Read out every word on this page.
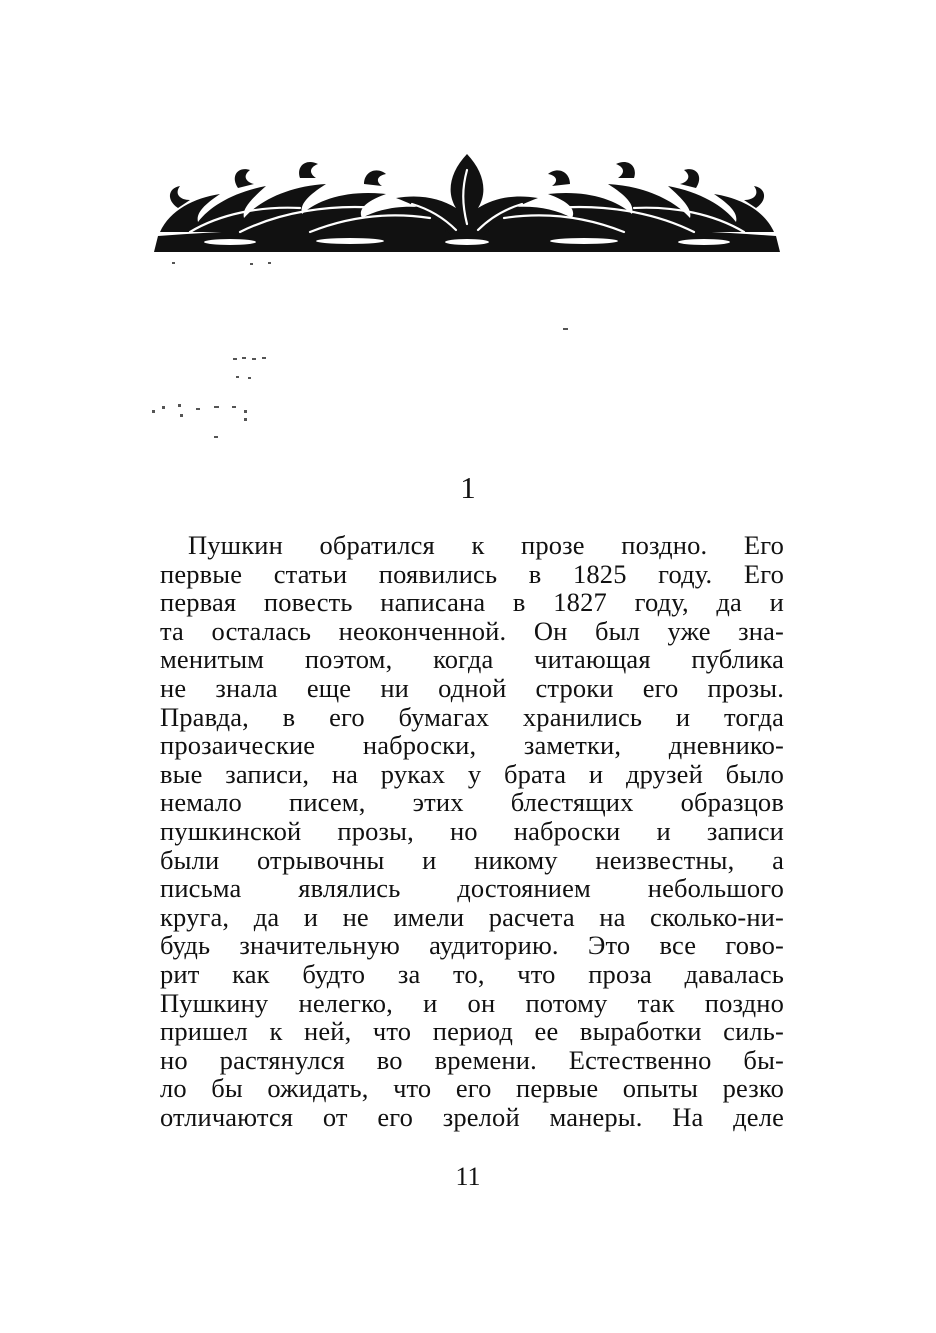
1

Пушкин обратился к прозе поздно. Его
первые статьи появились в 1825 году. Его
первая повесть написана в 1827 году, да и
та осталась неоконченной. Он был уже зна-
менитым поэтом, когда читающая публика
не знала еще ни одной строки его прозы.
Правда, в его бумагах хранились и тогда
прозаические наброски, заметки, дневнико-
вые записи, на руках у брата и друзей было
немало писем, этих блестящих образцов
пушкинской прозы, но наброски и записи
были отрывочны и никому неизвестны, а
письма являлись достоянием небольшого
круга, да и не имели расчета на сколько-ни-
будь значительную аудиторию. Это все гово-
рит как будто за то, что проза давалась
Пушкину нелегко, и он потому так поздно
пришел к ней, что период ее выработки силь-
но растянулся во времени. Естественно бы-
ло бы ожидать, что его первые опыты резко
отличаются от его зрелой манеры. На деле

11
